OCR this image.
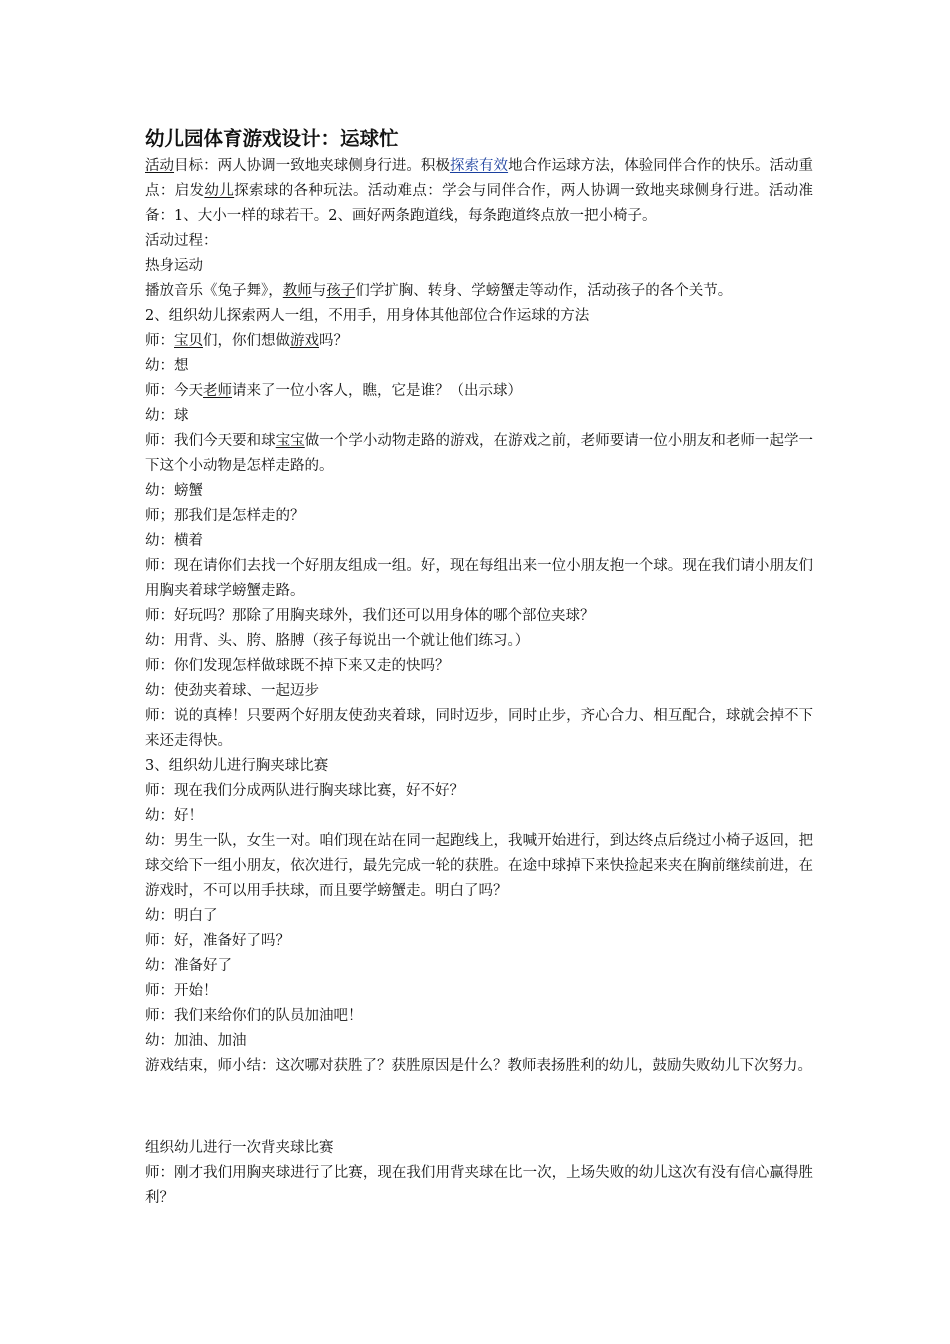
幼儿园体育游戏设计：运球忙

活动目标：两人协调一致地夹球侧身行进。积极探索有效地合作运球方法，体验同伴合作的快乐。活动重点：启发幼儿探索球的各种玩法。活动难点：学会与同伴合作，两人协调一致地夹球侧身行进。活动准备：1、大小一样的球若干。2、画好两条跑道线，每条跑道终点放一把小椅子。

活动过程：

热身运动

播放音乐《兔子舞》，教师与孩子们学扩胸、转身、学螃蟹走等动作，活动孩子的各个关节。

2、组织幼儿探索两人一组，不用手，用身体其他部位合作运球的方法

师：宝贝们，你们想做游戏吗？

幼：想

师：今天老师请来了一位小客人，瞧，它是谁？（出示球）

幼：球

师：我们今天要和球宝宝做一个学小动物走路的游戏，在游戏之前，老师要请一位小朋友和老师一起学一下这个小动物是怎样走路的。

幼：螃蟹

师；那我们是怎样走的？

幼：横着

师：现在请你们去找一个好朋友组成一组。好，现在每组出来一位小朋友抱一个球。现在我们请小朋友们用胸夹着球学螃蟹走路。

师：好玩吗？那除了用胸夹球外，我们还可以用身体的哪个部位夹球？

幼：用背、头、胯、胳膊（孩子每说出一个就让他们练习。）

师：你们发现怎样做球既不掉下来又走的快吗？

幼：使劲夹着球、一起迈步

师：说的真棒！只要两个好朋友使劲夹着球，同时迈步，同时止步，齐心合力、相互配合，球就会掉不下来还走得快。

3、组织幼儿进行胸夹球比赛

师：现在我们分成两队进行胸夹球比赛，好不好？

幼：好！

幼：男生一队，女生一对。咱们现在站在同一起跑线上，我喊开始进行，到达终点后绕过小椅子返回，把球交给下一组小朋友，依次进行，最先完成一轮的获胜。在途中球掉下来快捡起来夹在胸前继续前进，在游戏时，不可以用手扶球，而且要学螃蟹走。明白了吗？

幼：明白了

师：好，准备好了吗？

幼：准备好了

师：开始！

师：我们来给你们的队员加油吧！

幼：加油、加油

游戏结束，师小结：这次哪对获胜了？获胜原因是什么？教师表扬胜利的幼儿，鼓励失败幼儿下次努力。

组织幼儿进行一次背夹球比赛

师：刚才我们用胸夹球进行了比赛，现在我们用背夹球在比一次，上场失败的幼儿这次有没有信心赢得胜利？
